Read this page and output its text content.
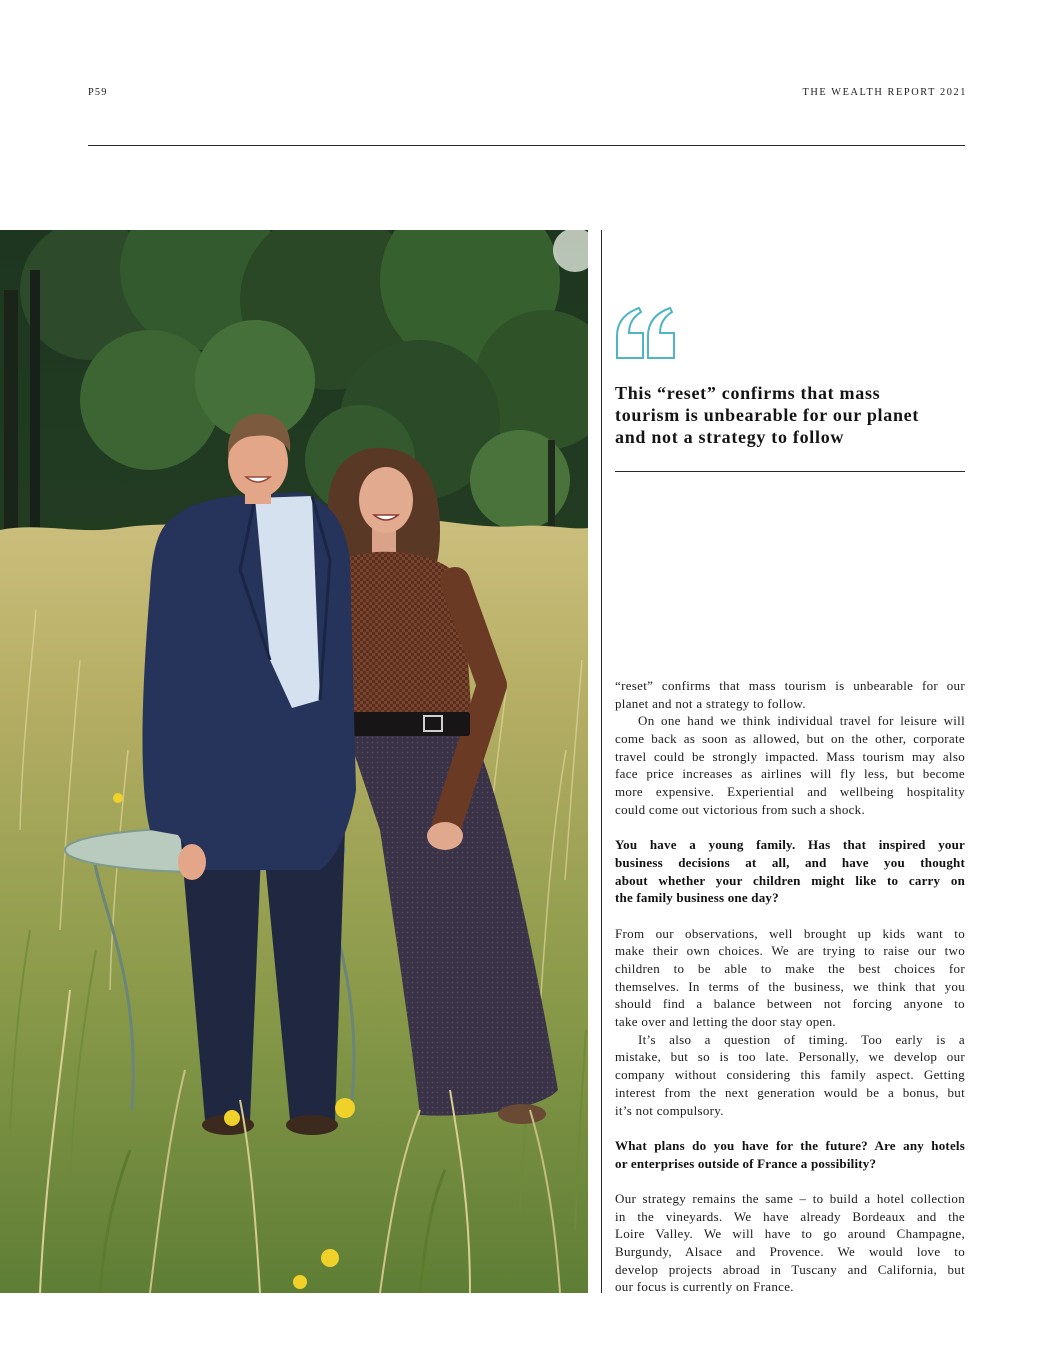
P59	THE WEALTH REPORT 2021
This “reset” confirms that mass
tourism is unbearable for our planet
and not a strategy to follow
“reset” confirms that mass tourism is unbearable for our
planet and not a strategy to follow.
On one hand we think individual travel for leisure will
come back as soon as allowed, but on the other, corporate
travel could be strongly impacted. Mass tourism may also
face price increases as airlines will fly less, but become
more expensive. Experiential and wellbeing hospitality
could come out victorious from such a shock.
You have a young family. Has that inspired your
business decisions at all, and have you thought
about whether your children might like to carry on
the family business one day?
From our observations, well brought up kids want to
make their own choices. We are trying to raise our two
children to be able to make the best choices for
themselves. In terms of the business, we think that you
should find a balance between not forcing anyone to
take over and letting the door stay open.
It’s also a question of timing. Too early is a
mistake, but so is too late. Personally, we develop our
company without considering this family aspect. Getting
interest from the next generation would be a bonus, but
it’s not compulsory.
What plans do you have for the future? Are any hotels
or enterprises outside of France a possibility?
Our strategy remains the same – to build a hotel collection
in the vineyards. We have already Bordeaux and the
Loire Valley. We will have to go around Champagne,
Burgundy, Alsace and Provence. We would love to
develop projects abroad in Tuscany and California, but
our focus is currently on France.
